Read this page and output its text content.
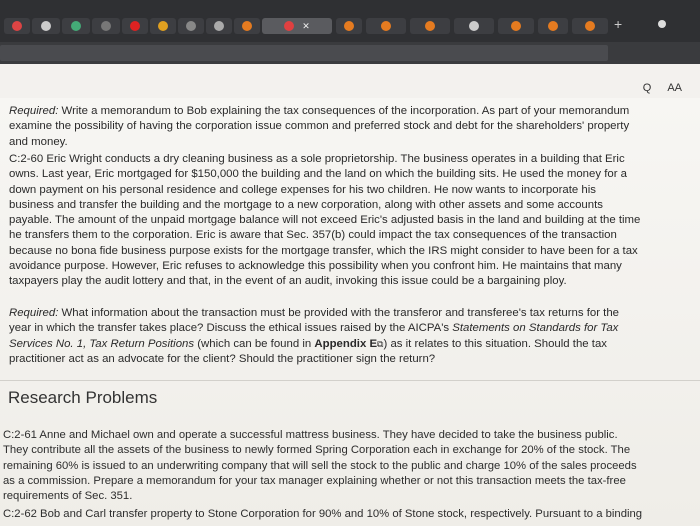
✕	+
Q AA

Required: Write a memorandum to Bob explaining the tax consequences of the incorporation. As part of your memorandum examine the possibility of having the corporation issue common and preferred stock and debt for the shareholders' property and money.

C:2-60 Eric Wright conducts a dry cleaning business as a sole proprietorship. The business operates in a building that Eric owns. Last year, Eric mortgaged for $150,000 the building and the land on which the building sits. He used the money for a down payment on his personal residence and college expenses for his two children. He now wants to incorporate his business and transfer the building and the mortgage to a new corporation, along with other assets and some accounts payable. The amount of the unpaid mortgage balance will not exceed Eric's adjusted basis in the land and building at the time he transfers them to the corporation. Eric is aware that Sec. 357(b) could impact the tax consequences of the transaction because no bona fide business purpose exists for the mortgage transfer, which the IRS might consider to have been for a tax avoidance purpose. However, Eric refuses to acknowledge this possibility when you confront him. He maintains that many taxpayers play the audit lottery and that, in the event of an audit, invoking this issue could be a bargaining ploy.

Required: What information about the transaction must be provided with the transferor and transferee's tax returns for the year in which the transfer takes place? Discuss the ethical issues raised by the AICPA's Statements on Standards for Tax Services No. 1, Tax Return Positions (which can be found in Appendix E⧉) as it relates to this situation. Should the tax practitioner act as an advocate for the client? Should the practitioner sign the return?

Research Problems

C:2-61 Anne and Michael own and operate a successful mattress business. They have decided to take the business public. They contribute all the assets of the business to newly formed Spring Corporation each in exchange for 20% of the stock. The remaining 60% is issued to an underwriting company that will sell the stock to the public and charge 10% of the sales proceeds as a commission. Prepare a memorandum for your tax manager explaining whether or not this transaction meets the tax-free requirements of Sec. 351.

C:2-62 Bob and Carl transfer property to Stone Corporation for 90% and 10% of Stone stock, respectively. Pursuant to a binding
